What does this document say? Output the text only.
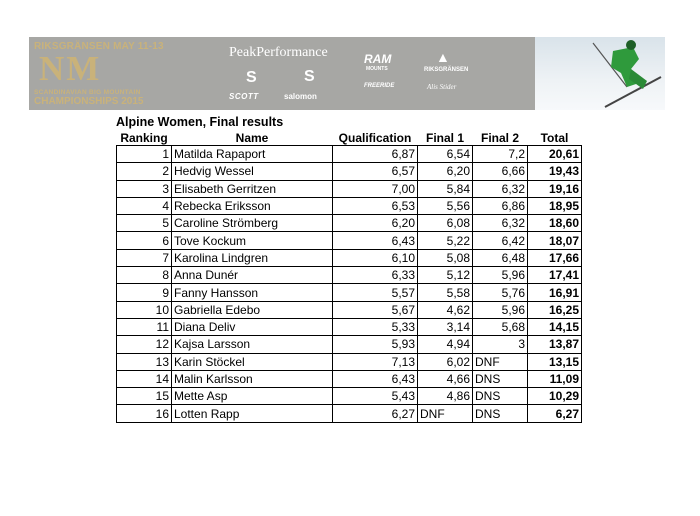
RIKSGRÄNSEN MAY 11-13
NM
SCANDINAVIAN BIG MOUNTAIN
CHAMPIONSHIPS 2015
PeakPerformance	RAM
MOUNTS
▲
RIKSGRÄNSEN
S
SCOTT
S
salomon
FREERIDE	Alis Stider
Alpine Women, Final results
Ranking	Name	Qualification	Final 1	Final 2	Total
1	Matilda Rapaport	6,87	6,54	7,2	20,61
2	Hedvig Wessel	6,57	6,20	6,66	19,43
3	Elisabeth Gerritzen	7,00	5,84	6,32	19,16
4	Rebecka Eriksson	6,53	5,56	6,86	18,95
5	Caroline Strömberg	6,20	6,08	6,32	18,60
6	Tove Kockum	6,43	5,22	6,42	18,07
7	Karolina Lindgren	6,10	5,08	6,48	17,66
8	Anna Dunér	6,33	5,12	5,96	17,41
9	Fanny Hansson	5,57	5,58	5,76	16,91
10	Gabriella Edebo	5,67	4,62	5,96	16,25
11	Diana Deliv	5,33	3,14	5,68	14,15
12	Kajsa Larsson	5,93	4,94	3	13,87
13	Karin Stöckel	7,13	6,02	DNF	13,15
14	Malin Karlsson	6,43	4,66	DNS	11,09
15	Mette Asp	5,43	4,86	DNS	10,29
16	Lotten Rapp	6,27	DNF	DNS	6,27
